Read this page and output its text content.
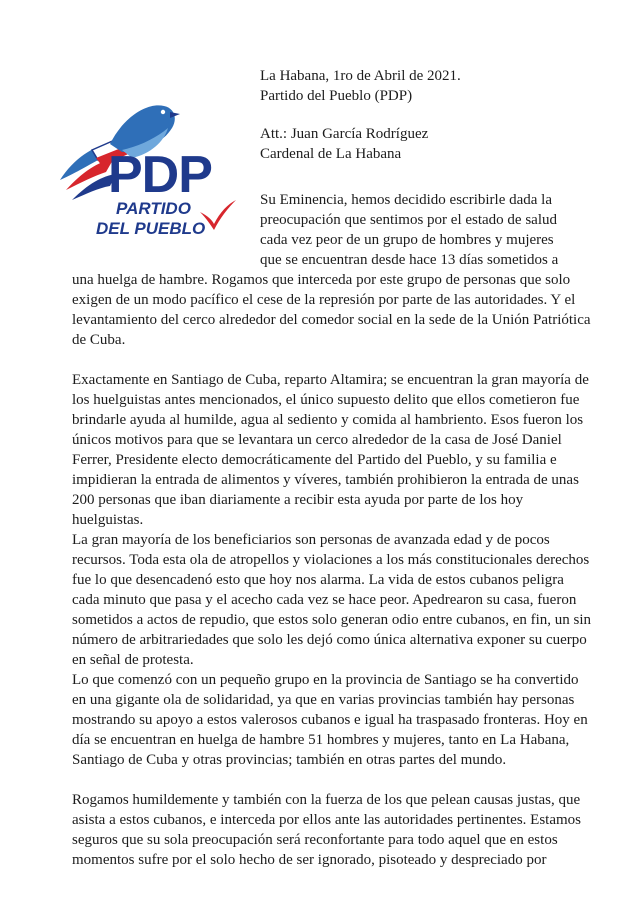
PDP
PARTIDO
DEL PUEBLO

La Habana, 1ro de Abril de 2021.

Partido del Pueblo (PDP)

Att.: Juan García Rodríguez

Cardenal de La Habana

Su Eminencia, hemos decidido escribirle dada la
preocupación que sentimos por el estado de salud
cada vez peor de un grupo de hombres y mujeres
que se encuentran desde hace 13 días sometidos a

una huelga de hambre. Rogamos que interceda por este grupo de personas que solo
exigen de un modo pacífico el cese de la represión por parte de las autoridades. Y el
levantamiento del cerco alrededor del comedor social en la sede de la Unión Patriótica
de Cuba.

Exactamente en Santiago de Cuba, reparto Altamira; se encuentran la gran mayoría de
los huelguistas antes mencionados, el único supuesto delito que ellos cometieron fue
brindarle ayuda al humilde, agua al sediento y comida al hambriento. Esos fueron los
únicos motivos para que se levantara un cerco alrededor de la casa de José Daniel
Ferrer, Presidente electo democráticamente del Partido del Pueblo, y su familia e
impidieran la entrada de alimentos y víveres, también prohibieron la entrada de unas
200 personas que iban diariamente a recibir esta ayuda por parte de los hoy
huelguistas.

La gran mayoría de los beneficiarios son personas de avanzada edad y de pocos
recursos. Toda esta ola de atropellos y violaciones a los más constitucionales derechos
fue lo que desencadenó esto que hoy nos alarma. La vida de estos cubanos peligra
cada minuto que pasa y el acecho cada vez se hace peor. Apedrearon su casa, fueron
sometidos a actos de repudio, que estos solo generan odio entre cubanos, en fin, un sin
número de arbitrariedades que solo les dejó como única alternativa exponer su cuerpo
en señal de protesta.

Lo que comenzó con un pequeño grupo en la provincia de Santiago se ha convertido
en una gigante ola de solidaridad, ya que en varias provincias también hay personas
mostrando su apoyo a estos valerosos cubanos e igual ha traspasado fronteras. Hoy en
día se encuentran en huelga de hambre 51 hombres y mujeres, tanto en La Habana,
Santiago de Cuba y otras provincias; también en otras partes del mundo.

Rogamos humildemente y también con la fuerza de los que pelean causas justas, que
asista a estos cubanos, e interceda por ellos ante las autoridades pertinentes. Estamos
seguros que su sola preocupación será reconfortante para todo aquel que en estos
momentos sufre por el solo hecho de ser ignorado, pisoteado y despreciado por
